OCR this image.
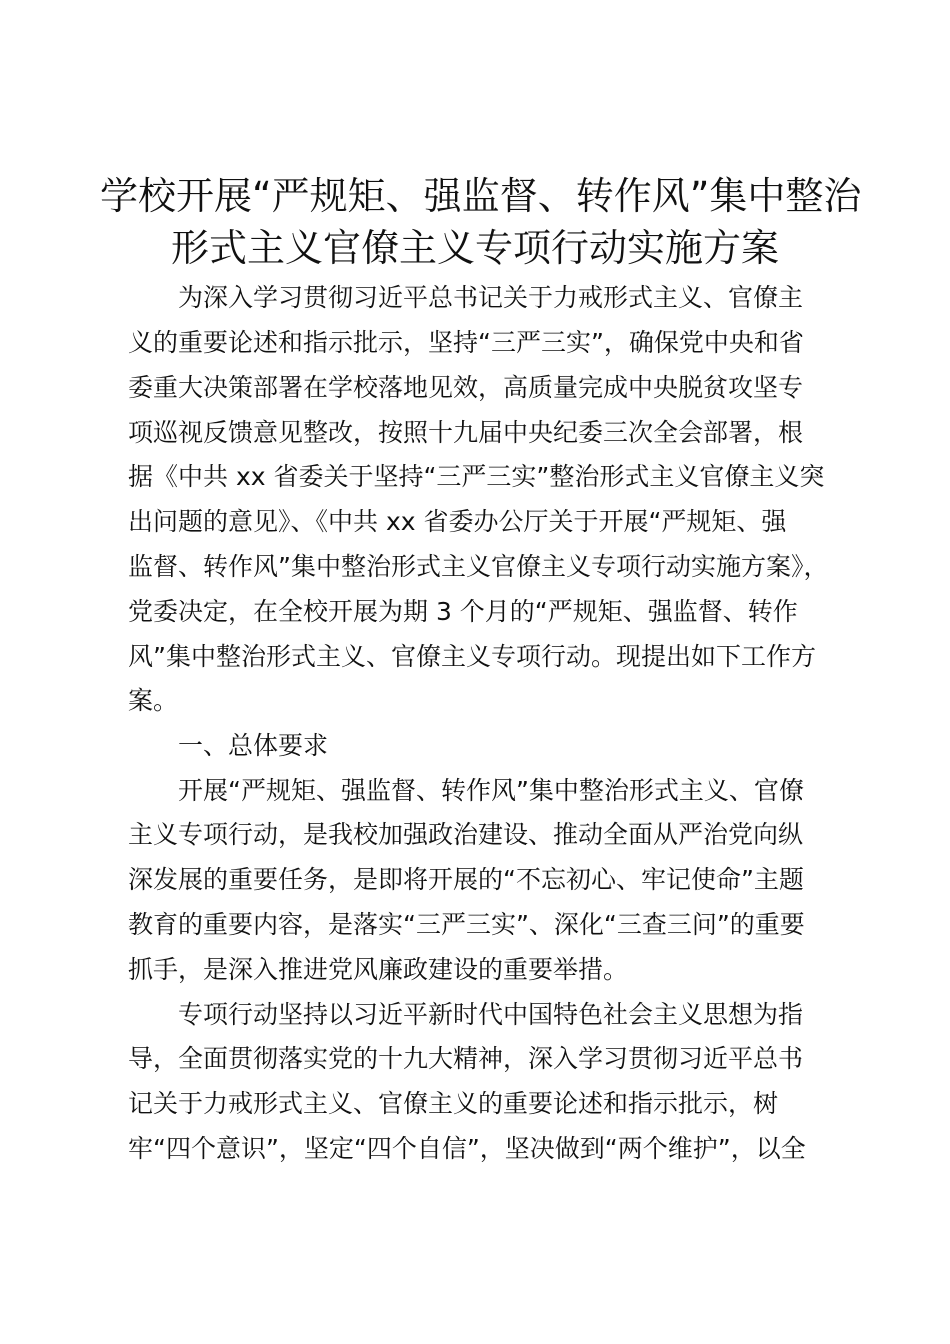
学校开展“严规矩、强监督、转作风”集中整治
形式主义官僚主义专项行动实施方案
为深入学习贯彻习近平总书记关于力戒形式主义、官僚主
义的重要论述和指示批示，坚持“三严三实”，确保党中央和省
委重大决策部署在学校落地见效，高质量完成中央脱贫攻坚专
项巡视反馈意见整改，按照十九届中央纪委三次全会部署，根
据《中共 xx 省委关于坚持“三严三实”整治形式主义官僚主义突
出问题的意见》、《中共 xx 省委办公厅关于开展“严规矩、强
监督、转作风”集中整治形式主义官僚主义专项行动实施方案》，
党委决定，在全校开展为期 3 个月的“严规矩、强监督、转作
风”集中整治形式主义、官僚主义专项行动。现提出如下工作方
案。
一、总体要求
开展“严规矩、强监督、转作风”集中整治形式主义、官僚
主义专项行动，是我校加强政治建设、推动全面从严治党向纵
深发展的重要任务，是即将开展的“不忘初心、牢记使命”主题
教育的重要内容，是落实“三严三实”、深化“三查三问”的重要
抓手，是深入推进党风廉政建设的重要举措。
专项行动坚持以习近平新时代中国特色社会主义思想为指
导，全面贯彻落实党的十九大精神，深入学习贯彻习近平总书
记关于力戒形式主义、官僚主义的重要论述和指示批示，树
牢“四个意识”，坚定“四个自信”，坚决做到“两个维护”，以全
